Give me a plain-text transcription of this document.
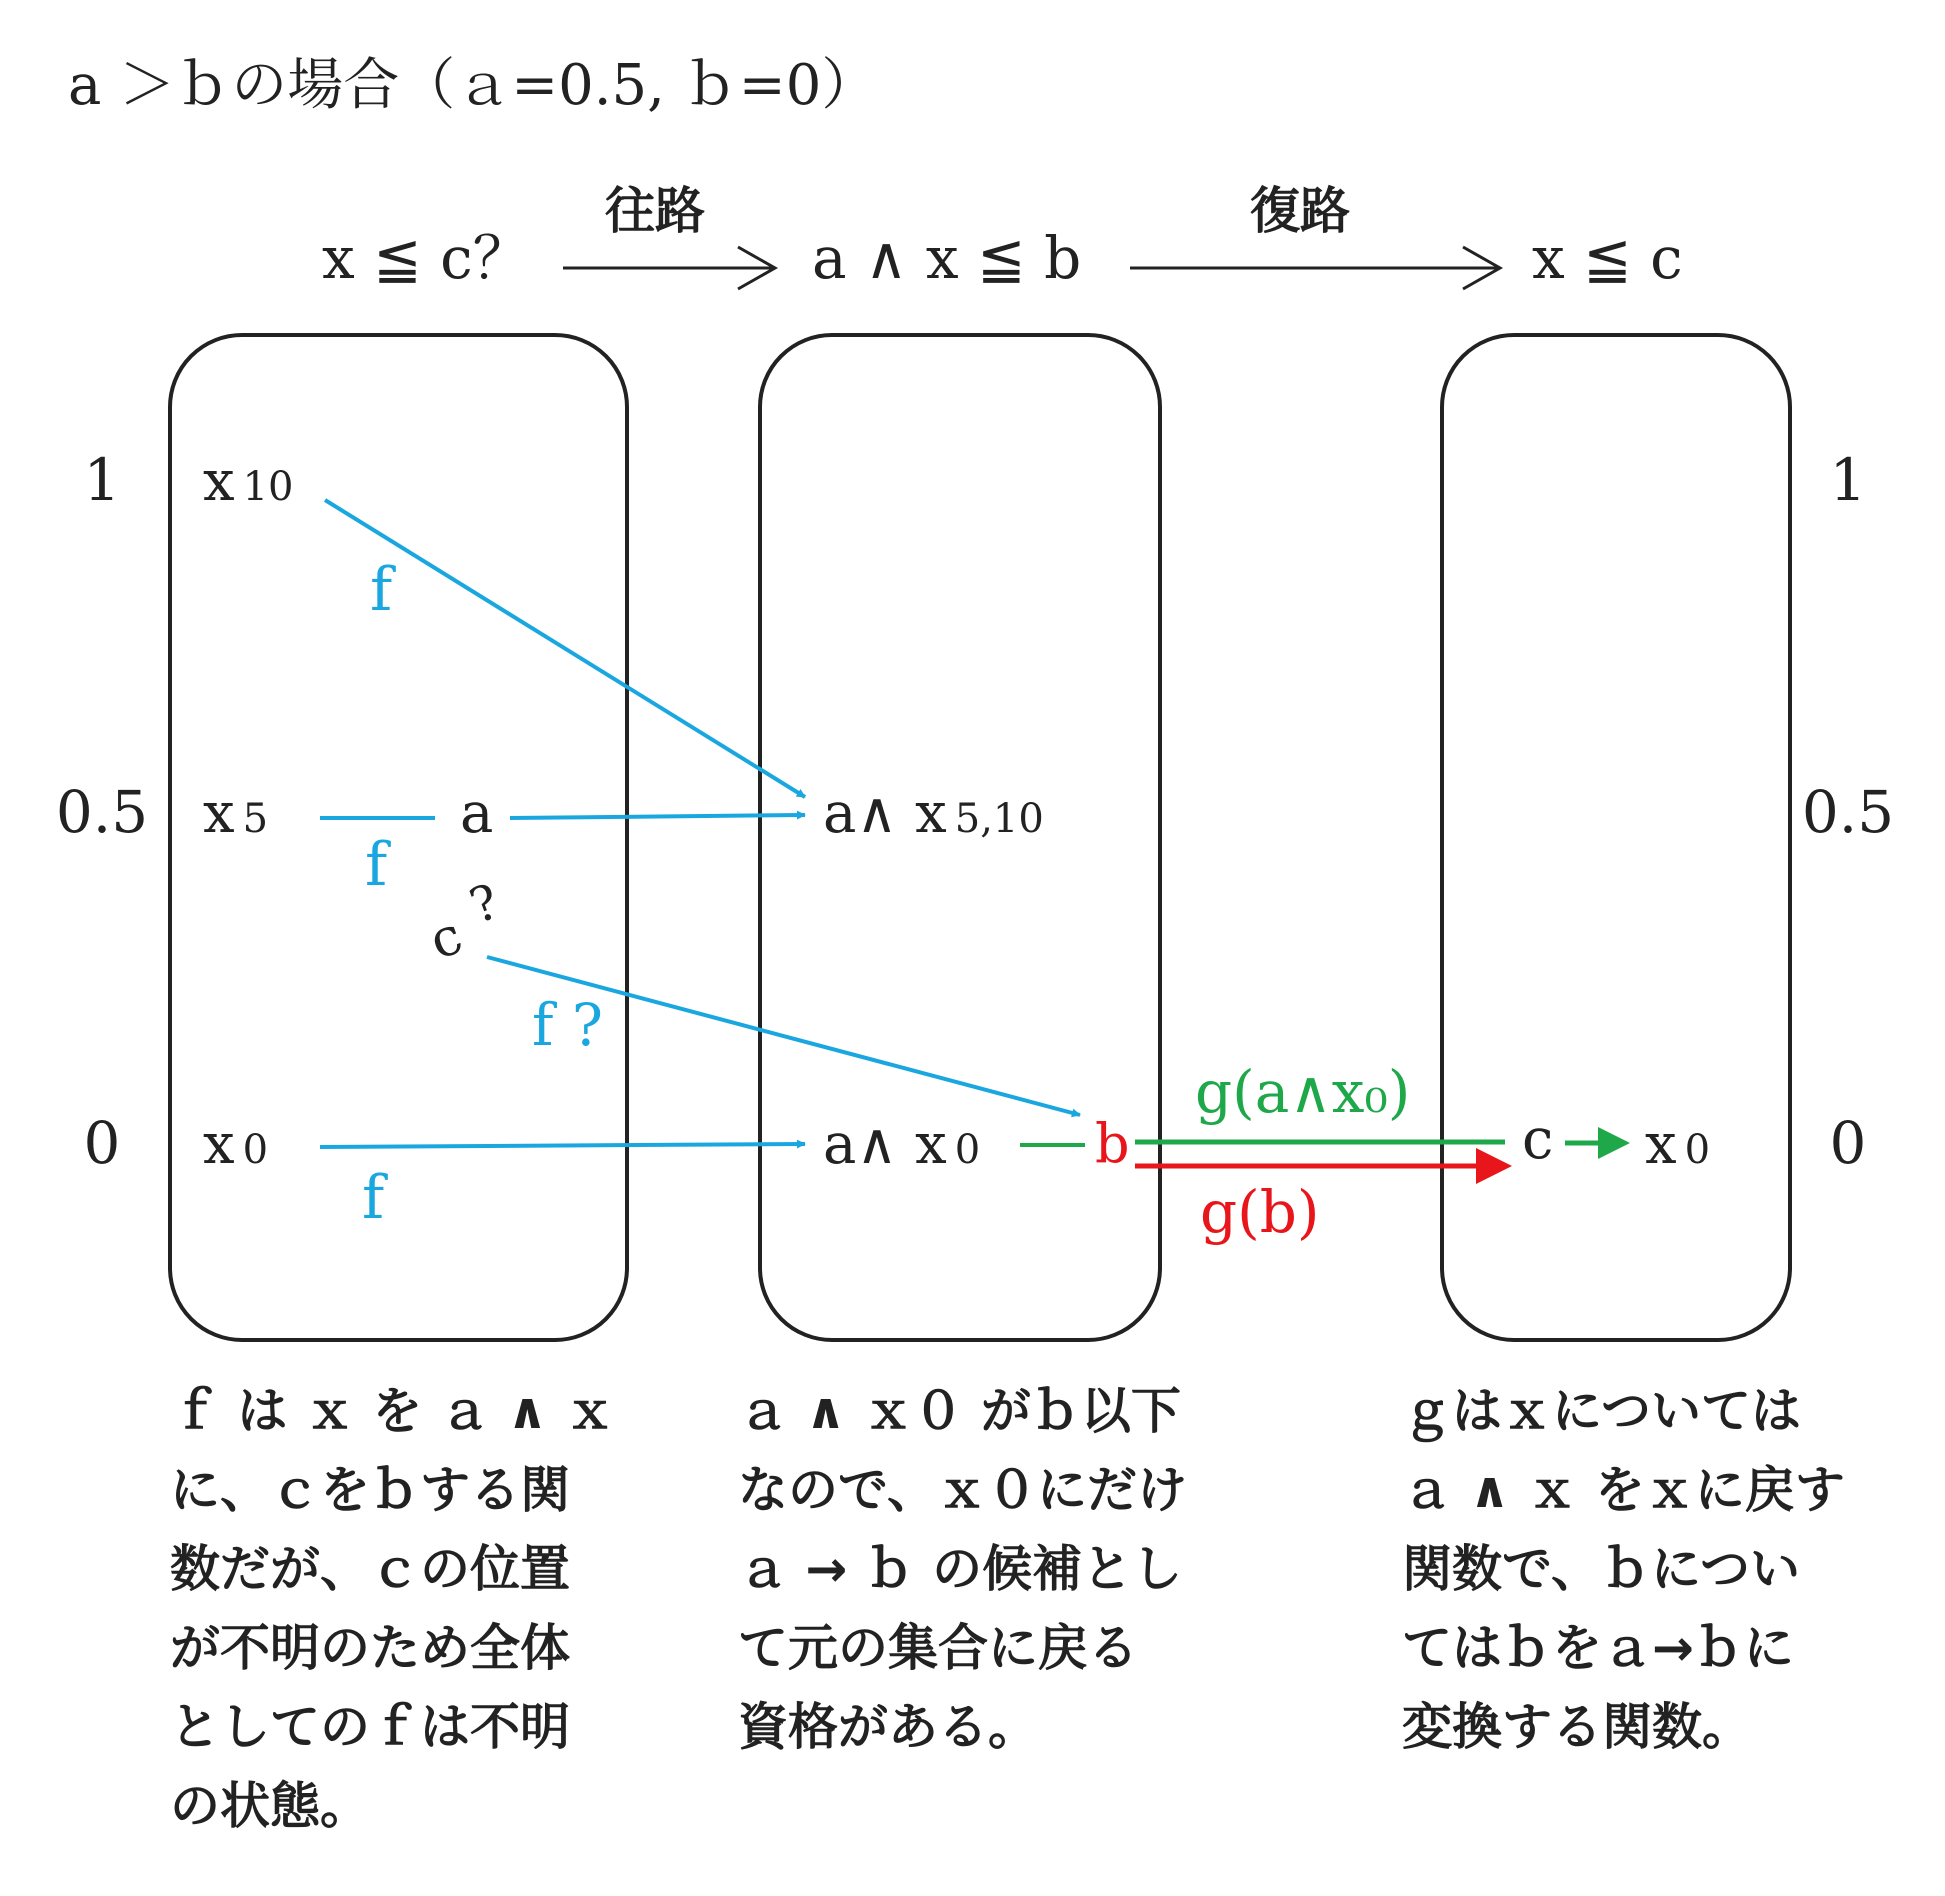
a ＞ｂの場合（ａ=0.5, ｂ=0）
x ≦ c？
往路
a ∧ x ≦ b
復路
x ≦ c
1
0.5
0
1
0.5
0
x 10
x 5
x 0
a
c
?
f
f
f ?
f
a∧ x 5,10
a∧ x 0 b
g(a∧x₀)
g(b)
c x 0
ｆ は ｘ を ａ ∧ ｘ
に、ｃをｂする関
数だが、ｃの位置
が不明のため全体
としてのｆは不明
の状態。
ａ ∧ ｘ０ がｂ以下
なので、ｘ０にだけ
ａ → ｂ の候補とし
て元の集合に戻る
資格がある。
ｇはｘについては
ａ ∧ ｘ をｘに戻す
関数で、ｂについ
てはｂをａ→ｂに
変換する関数。
